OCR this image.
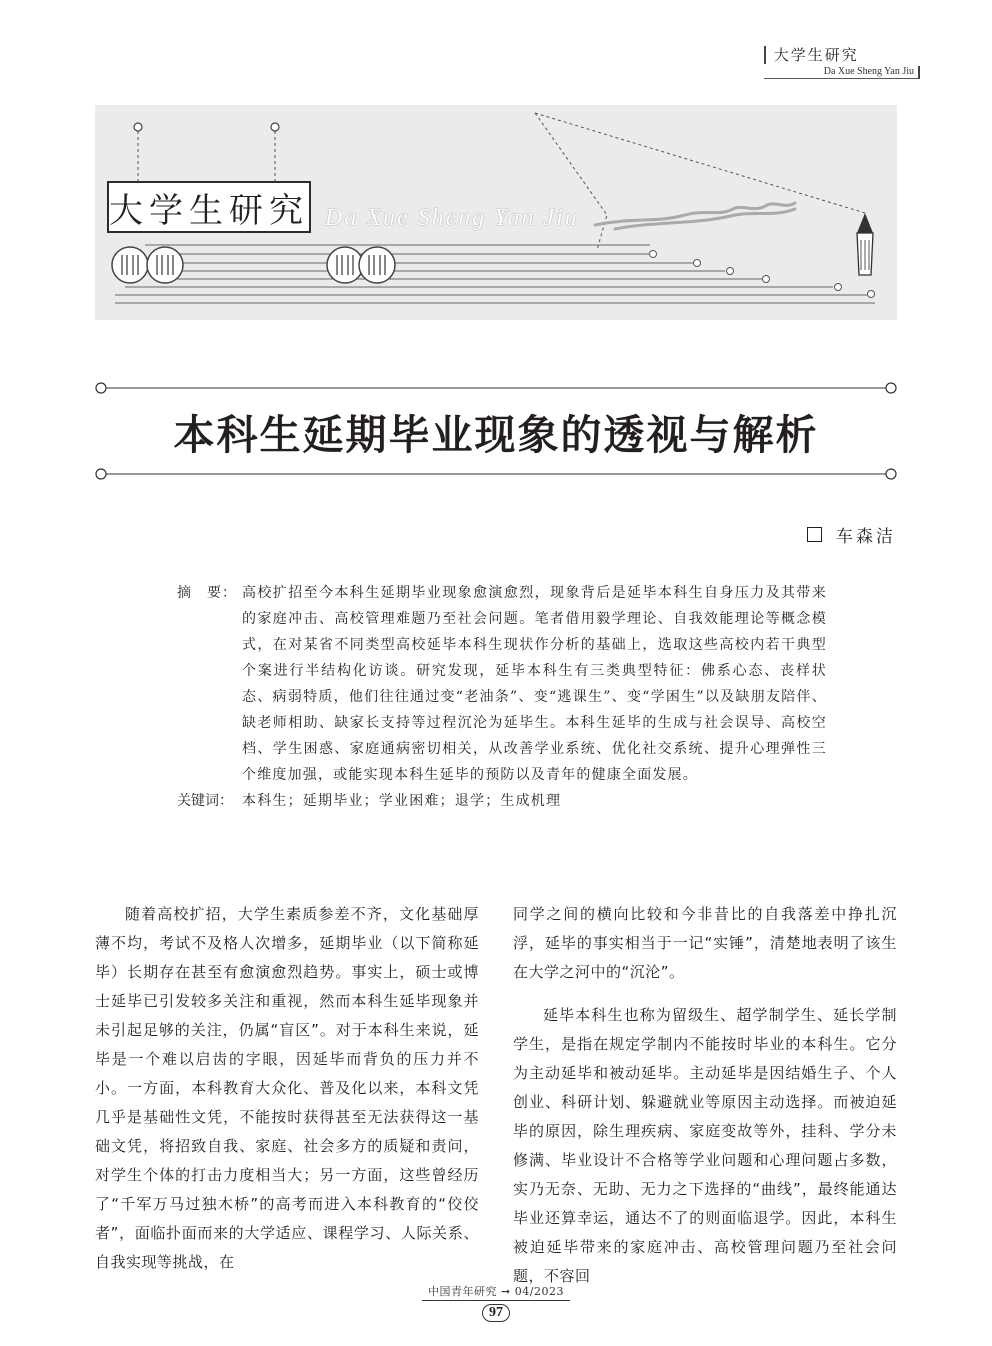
大学生研究
Da Xue Sheng Yan Jiu
大学生研究 Da Xue Sheng Yan Jiu
本科生延期毕业现象的透视与解析
车森洁
摘　要： 高校扩招至今本科生延期毕业现象愈演愈烈，现象背后是延毕本科生自身压力及其带来的家庭冲击、高校管理难题乃至社会问题。笔者借用毅学理论、自我效能理论等概念模式，在对某省不同类型高校延毕本科生现状作分析的基础上，选取这些高校内若干典型个案进行半结构化访谈。研究发现，延毕本科生有三类典型特征：佛系心态、丧样状态、病弱特质，他们往往通过变“老油条”、变“逃课生”、变“学困生”以及缺朋友陪伴、缺老师相助、缺家长支持等过程沉沦为延毕生。本科生延毕的生成与社会误导、高校空档、学生困惑、家庭通病密切相关，从改善学业系统、优化社交系统、提升心理弹性三个维度加强，或能实现本科生延毕的预防以及青年的健康全面发展。
关键词： 本科生；延期毕业；学业困难；退学；生成机理

随着高校扩招，大学生素质参差不齐，文化基础厚薄不均，考试不及格人次增多，延期毕业（以下简称延毕）长期存在甚至有愈演愈烈趋势。事实上，硕士或博士延毕已引发较多关注和重视，然而本科生延毕现象并未引起足够的关注，仍属“盲区”。对于本科生来说，延毕是一个难以启齿的字眼，因延毕而背负的压力并不小。一方面，本科教育大众化、普及化以来，本科文凭几乎是基础性文凭，不能按时获得甚至无法获得这一基础文凭，将招致自我、家庭、社会多方的质疑和责问，对学生个体的打击力度相当大；另一方面，这些曾经历了“千军万马过独木桥”的高考而进入本科教育的“佼佼者”，面临扑面而来的大学适应、课程学习、人际关系、自我实现等挑战，在

同学之间的横向比较和今非昔比的自我落差中挣扎沉浮，延毕的事实相当于一记“实锤”，清楚地表明了该生在大学之河中的“沉沦”。

延毕本科生也称为留级生、超学制学生、延长学制学生，是指在规定学制内不能按时毕业的本科生。它分为主动延毕和被动延毕。主动延毕是因结婚生子、个人创业、科研计划、躲避就业等原因主动选择。而被迫延毕的原因，除生理疾病、家庭变故等外，挂科、学分未修满、毕业设计不合格等学业问题和心理问题占多数，实乃无奈、无助、无力之下选择的“曲线”，最终能通达毕业还算幸运，通达不了的则面临退学。因此，本科生被迫延毕带来的家庭冲击、高校管理问题乃至社会问题，不容回

中国青年研究 ➞ 04/2023
97
